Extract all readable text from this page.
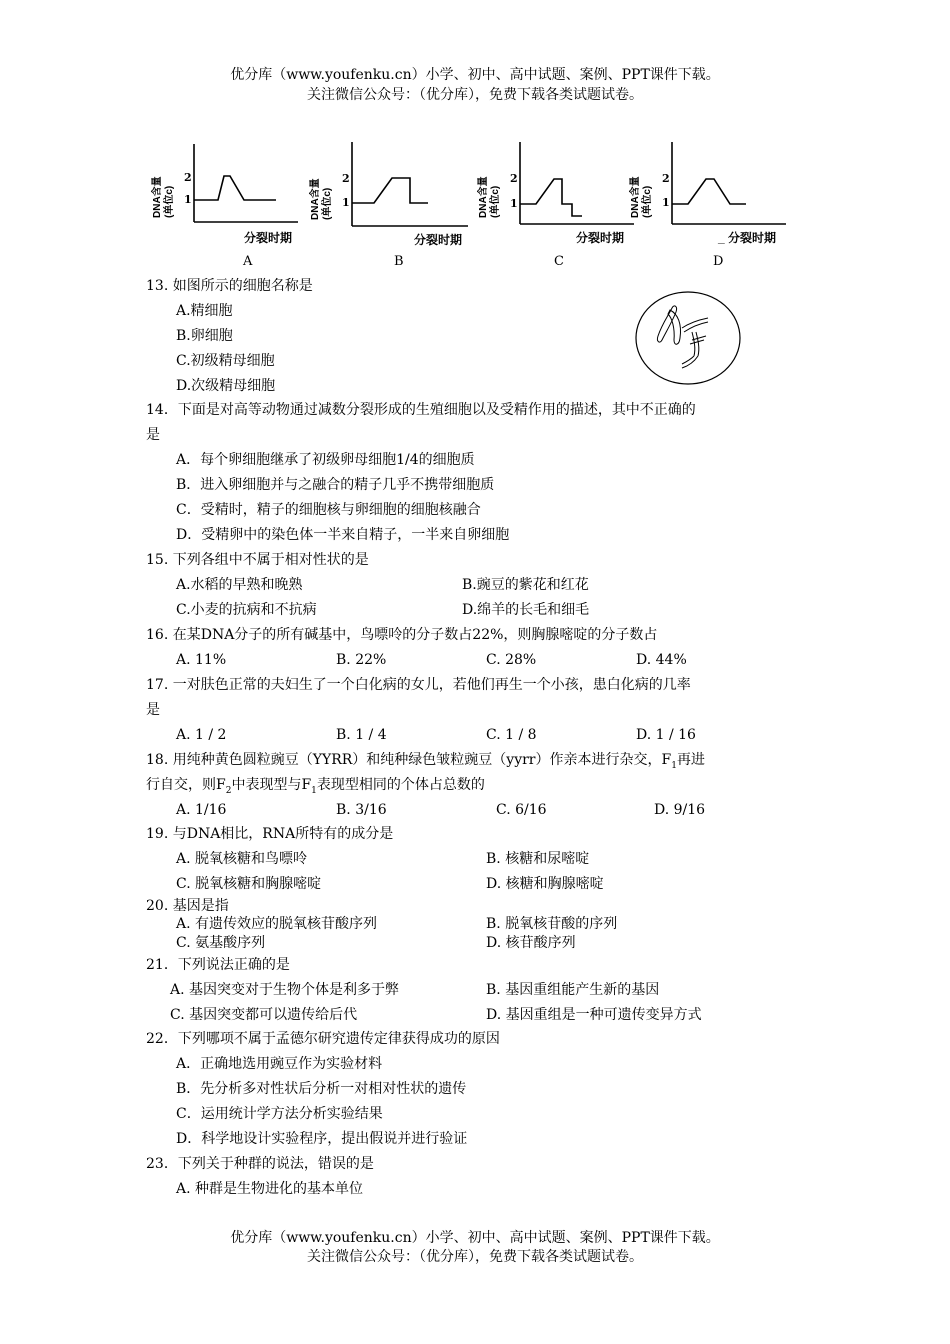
优分库（www.youfenku.cn）小学、初中、高中试题、案例、PPT课件下载。
关注微信公众号：（优分库），免费下载各类试题试卷。
DNA含量 (单位c)
2
1
分裂时期
DNA含量 (单位c)
2
1
分裂时期
DNA含量 (单位c)
2
1
分裂时期
DNA含量 (单位c)
2
1
_ 分裂时期
A	B	C	D
13. 如图所示的细胞名称是
A.精细胞
B.卵细胞
C.初级精母细胞
D.次级精母细胞
14．下面是对高等动物通过减数分裂形成的生殖细胞以及受精作用的描述，其中不正确的
是
A．每个卵细胞继承了初级卵母细胞1/4的细胞质
B．进入卵细胞并与之融合的精子几乎不携带细胞质
C．受精时，精子的细胞核与卵细胞的细胞核融合
D．受精卵中的染色体一半来自精子，一半来自卵细胞
15. 下列各组中不属于相对性状的是
A.水稻的早熟和晚熟	B.豌豆的紫花和红花
C.小麦的抗病和不抗病	D.绵羊的长毛和细毛
16. 在某DNA分子的所有碱基中，鸟嘌呤的分子数占22%，则胸腺嘧啶的分子数占
A. 11%	B. 22%	C. 28%	D. 44%
17. 一对肤色正常的夫妇生了一个白化病的女儿，若他们再生一个小孩，患白化病的几率
是
A. 1 / 2	B. 1 / 4	C. 1 / 8	D. 1 / 16
18. 用纯种黄色圆粒豌豆（YYRR）和纯种绿色皱粒豌豆（yyrr）作亲本进行杂交，$F_1$再进
行自交，则$F_2$中表现型与$F_1$表现型相同的个体占总数的
A. 1/16	B. 3/16	C. 6/16	D. 9/16
19. 与DNA相比，RNA所特有的成分是
A. 脱氧核糖和鸟嘌呤	B. 核糖和尿嘧啶
C. 脱氧核糖和胸腺嘧啶	D. 核糖和胸腺嘧啶
20. 基因是指
A. 有遗传效应的脱氧核苷酸序列	B. 脱氧核苷酸的序列
C. 氨基酸序列	D. 核苷酸序列
21．下列说法正确的是
A. 基因突变对于生物个体是利多于弊	B. 基因重组能产生新的基因
C. 基因突变都可以遗传给后代	D. 基因重组是一种可遗传变异方式
22．下列哪项不属于孟德尔研究遗传定律获得成功的原因
A．正确地选用豌豆作为实验材料
B．先分析多对性状后分析一对相对性状的遗传
C．运用统计学方法分析实验结果
D．科学地设计实验程序，提出假说并进行验证
23．下列关于种群的说法，错误的是
A. 种群是生物进化的基本单位
优分库（www.youfenku.cn）小学、初中、高中试题、案例、PPT课件下载。
关注微信公众号：（优分库），免费下载各类试题试卷。
